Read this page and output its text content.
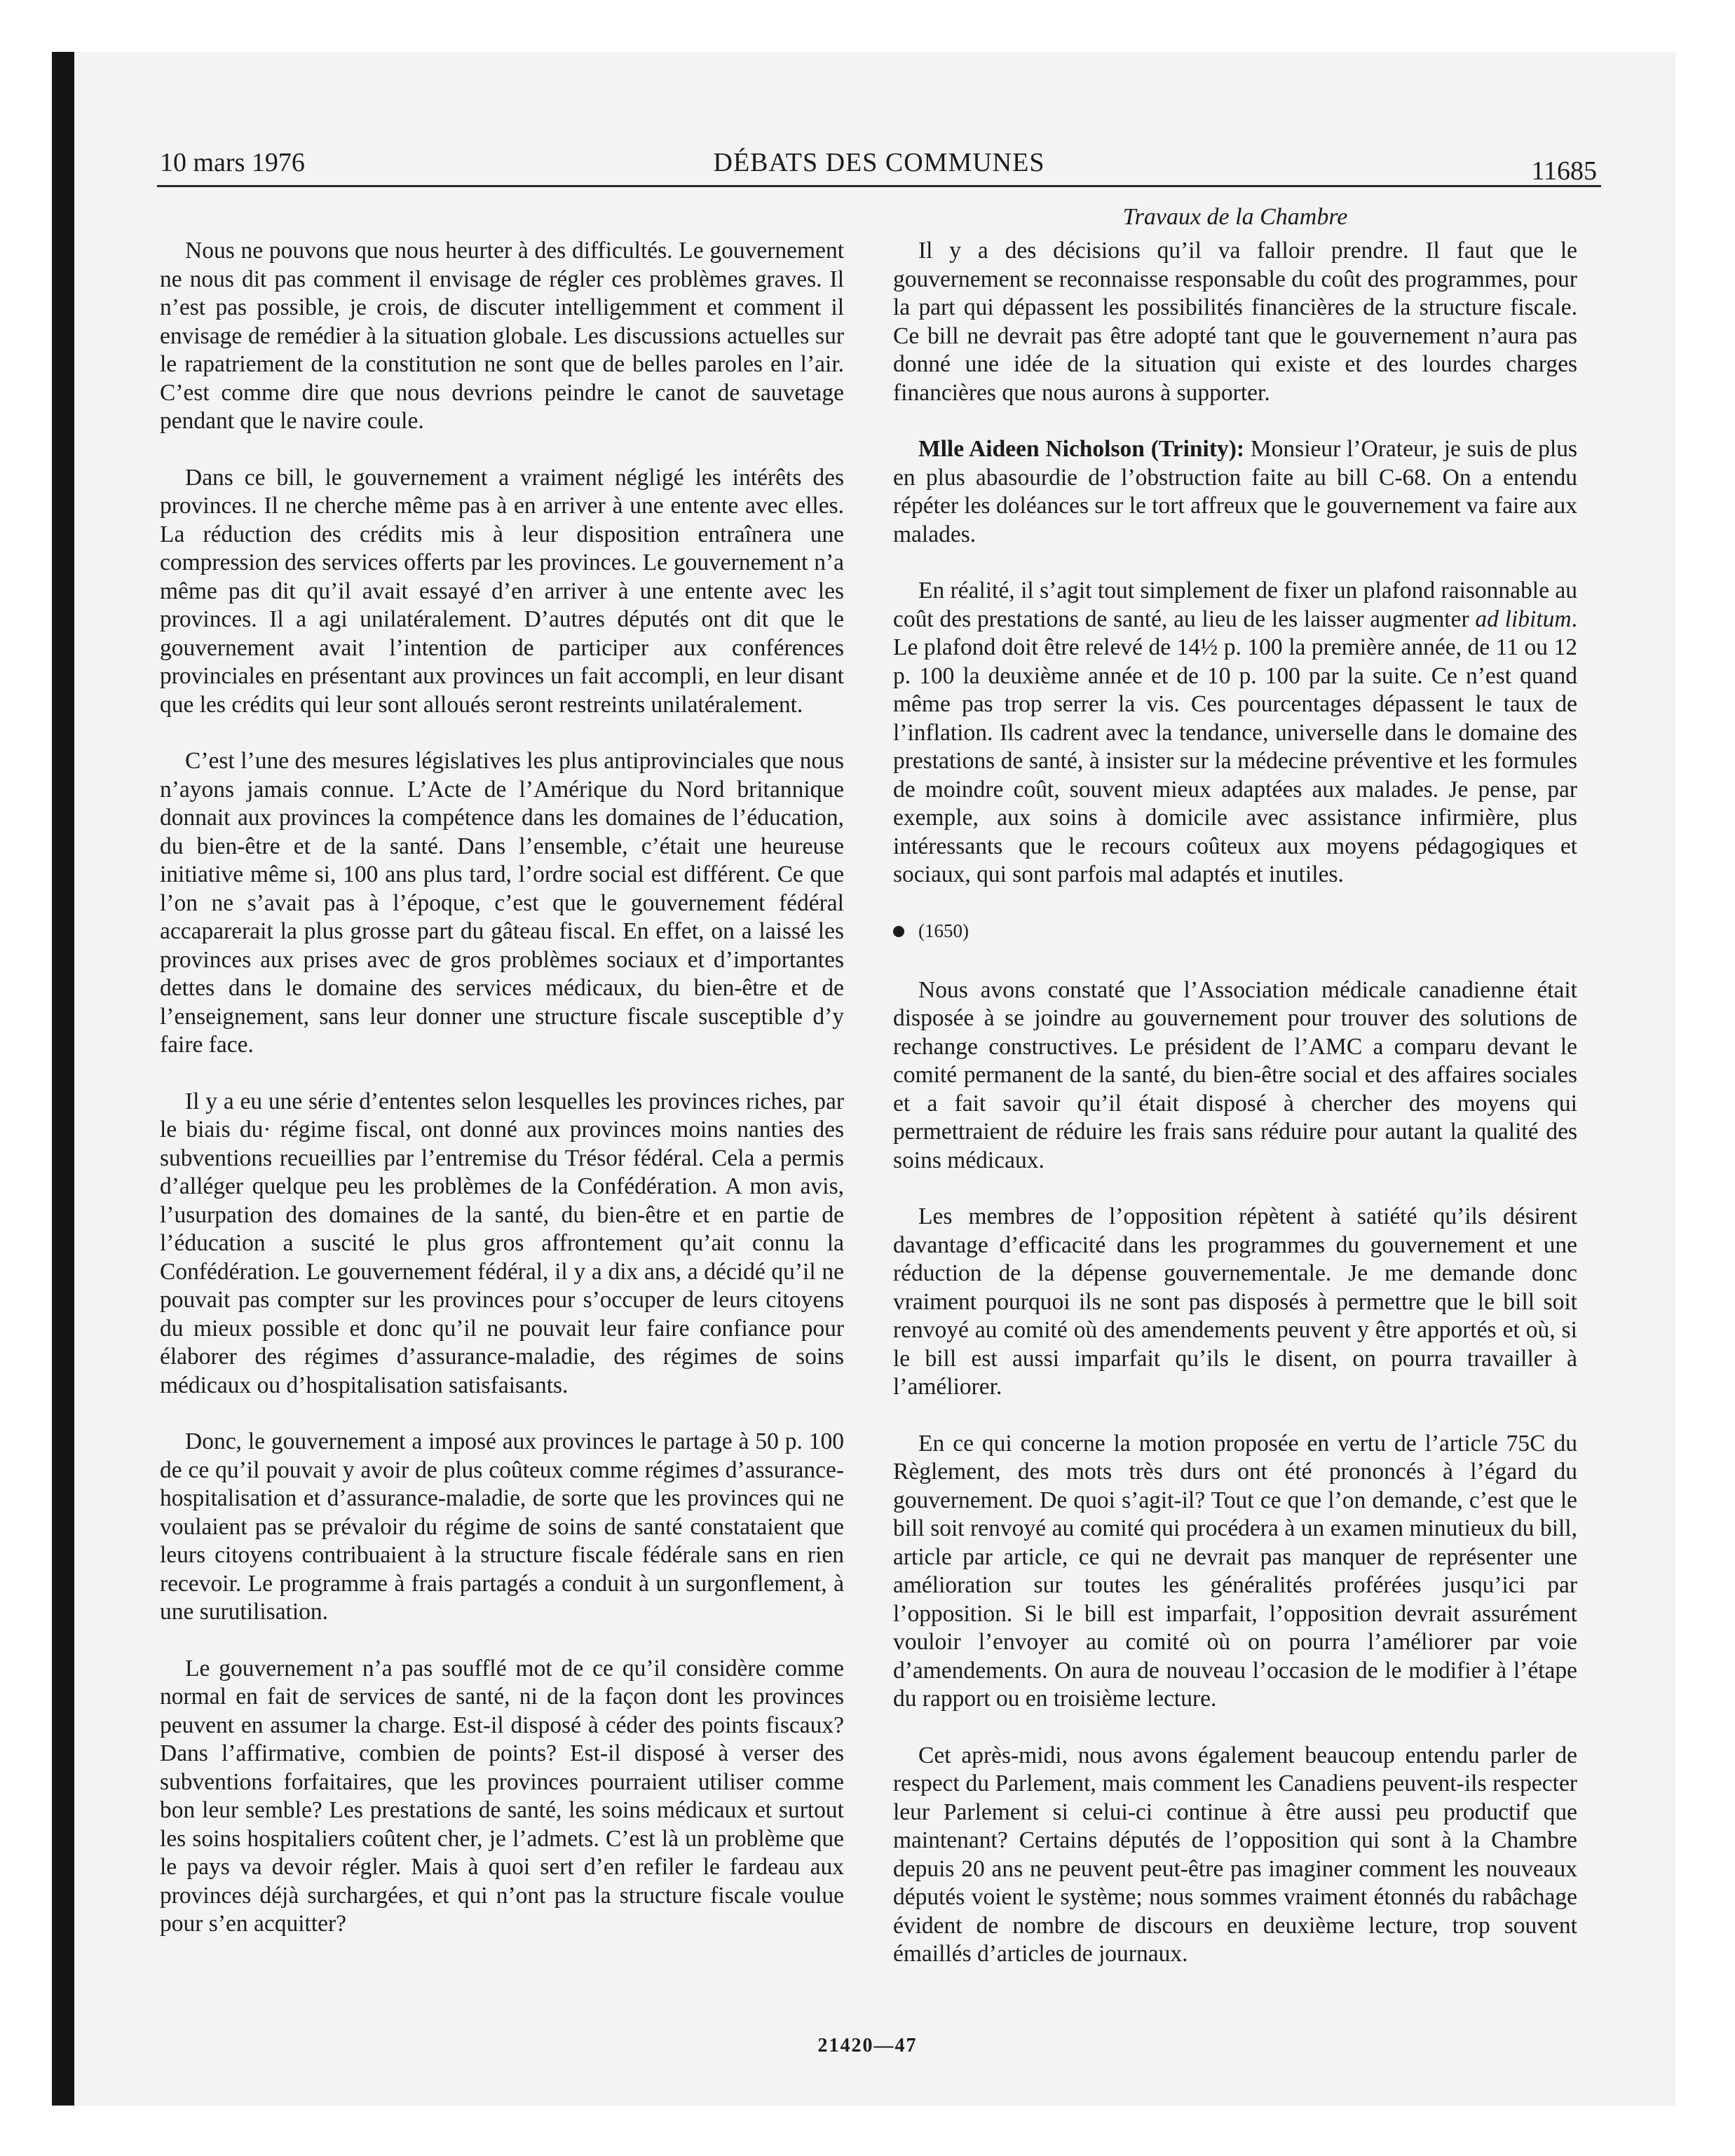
10 mars 1976	DÉBATS DES COMMUNES	11685

Nous ne pouvons que nous heurter à des difficultés. Le gouvernement ne nous dit pas comment il envisage de régler ces problèmes graves. Il n’est pas possible, je crois, de discuter intelligemment et comment il envisage de remédier à la situation globale. Les discussions actuelles sur le rapatriement de la constitution ne sont que de belles paroles en l’air. C’est comme dire que nous devrions peindre le canot de sauvetage pendant que le navire coule.

Dans ce bill, le gouvernement a vraiment négligé les intérêts des provinces. Il ne cherche même pas à en arriver à une entente avec elles. La réduction des crédits mis à leur disposition entraînera une compression des services offerts par les provinces. Le gouvernement n’a même pas dit qu’il avait essayé d’en arriver à une entente avec les provinces. Il a agi unilatéralement. D’autres députés ont dit que le gouvernement avait l’intention de participer aux conférences provinciales en présentant aux provinces un fait accompli, en leur disant que les crédits qui leur sont alloués seront restreints unilatéralement.

C’est l’une des mesures législatives les plus antiprovinciales que nous n’ayons jamais connue. L’Acte de l’Amérique du Nord britannique donnait aux provinces la compétence dans les domaines de l’éducation, du bien-être et de la santé. Dans l’ensemble, c’était une heureuse initiative même si, 100 ans plus tard, l’ordre social est différent. Ce que l’on ne s’avait pas à l’époque, c’est que le gouvernement fédéral accaparerait la plus grosse part du gâteau fiscal. En effet, on a laissé les provinces aux prises avec de gros problèmes sociaux et d’importantes dettes dans le domaine des services médicaux, du bien-être et de l’enseignement, sans leur donner une structure fiscale susceptible d’y faire face.

Il y a eu une série d’ententes selon lesquelles les provinces riches, par le biais du· régime fiscal, ont donné aux provinces moins nanties des subventions recueillies par l’entremise du Trésor fédéral. Cela a permis d’alléger quelque peu les problèmes de la Confédération. A mon avis, l’usurpation des domaines de la santé, du bien-être et en partie de l’éducation a suscité le plus gros affrontement qu’ait connu la Confédération. Le gouvernement fédéral, il y a dix ans, a décidé qu’il ne pouvait pas compter sur les provinces pour s’occuper de leurs citoyens du mieux possible et donc qu’il ne pouvait leur faire confiance pour élaborer des régimes d’assurance-maladie, des régimes de soins médicaux ou d’hospitalisation satisfaisants.

Donc, le gouvernement a imposé aux provinces le partage à 50 p. 100 de ce qu’il pouvait y avoir de plus coûteux comme régimes d’assurance-hospitalisation et d’assurance-maladie, de sorte que les provinces qui ne voulaient pas se prévaloir du régime de soins de santé constataient que leurs citoyens contribuaient à la structure fiscale fédérale sans en rien recevoir. Le programme à frais partagés a conduit à un surgonflement, à une surutilisation.

Le gouvernement n’a pas soufflé mot de ce qu’il considère comme normal en fait de services de santé, ni de la façon dont les provinces peuvent en assumer la charge. Est-il disposé à céder des points fiscaux? Dans l’affirmative, combien de points? Est-il disposé à verser des subventions forfaitaires, que les provinces pourraient utiliser comme bon leur semble? Les prestations de santé, les soins médicaux et surtout les soins hospitaliers coûtent cher, je l’admets. C’est là un problème que le pays va devoir régler. Mais à quoi sert d’en refiler le fardeau aux provinces déjà surchargées, et qui n’ont pas la structure fiscale voulue pour s’en acquitter?

Travaux de la Chambre

Il y a des décisions qu’il va falloir prendre. Il faut que le gouvernement se reconnaisse responsable du coût des programmes, pour la part qui dépassent les possibilités financières de la structure fiscale. Ce bill ne devrait pas être adopté tant que le gouvernement n’aura pas donné une idée de la situation qui existe et des lourdes charges financières que nous aurons à supporter.

Mlle Aideen Nicholson (Trinity): Monsieur l’Orateur, je suis de plus en plus abasourdie de l’obstruction faite au bill C-68. On a entendu répéter les doléances sur le tort affreux que le gouvernement va faire aux malades.

En réalité, il s’agit tout simplement de fixer un plafond raisonnable au coût des prestations de santé, au lieu de les laisser augmenter ad libitum. Le plafond doit être relevé de 14½ p. 100 la première année, de 11 ou 12 p. 100 la deuxième année et de 10 p. 100 par la suite. Ce n’est quand même pas trop serrer la vis. Ces pourcentages dépassent le taux de l’inflation. Ils cadrent avec la tendance, universelle dans le domaine des prestations de santé, à insister sur la médecine préventive et les formules de moindre coût, souvent mieux adaptées aux malades. Je pense, par exemple, aux soins à domicile avec assistance infirmière, plus intéressants que le recours coûteux aux moyens pédagogiques et sociaux, qui sont parfois mal adaptés et inutiles.

(1650)

Nous avons constaté que l’Association médicale canadienne était disposée à se joindre au gouvernement pour trouver des solutions de rechange constructives. Le président de l’AMC a comparu devant le comité permanent de la santé, du bien-être social et des affaires sociales et a fait savoir qu’il était disposé à chercher des moyens qui permettraient de réduire les frais sans réduire pour autant la qualité des soins médicaux.

Les membres de l’opposition répètent à satiété qu’ils désirent davantage d’efficacité dans les programmes du gouvernement et une réduction de la dépense gouvernementale. Je me demande donc vraiment pourquoi ils ne sont pas disposés à permettre que le bill soit renvoyé au comité où des amendements peuvent y être apportés et où, si le bill est aussi imparfait qu’ils le disent, on pourra travailler à l’améliorer.

En ce qui concerne la motion proposée en vertu de l’article 75C du Règlement, des mots très durs ont été prononcés à l’égard du gouvernement. De quoi s’agit-il? Tout ce que l’on demande, c’est que le bill soit renvoyé au comité qui procédera à un examen minutieux du bill, article par article, ce qui ne devrait pas manquer de représenter une amélioration sur toutes les généralités proférées jusqu’ici par l’opposition. Si le bill est imparfait, l’opposition devrait assurément vouloir l’envoyer au comité où on pourra l’améliorer par voie d’amendements. On aura de nouveau l’occasion de le modifier à l’étape du rapport ou en troisième lecture.

Cet après-midi, nous avons également beaucoup entendu parler de respect du Parlement, mais comment les Canadiens peuvent-ils respecter leur Parlement si celui-ci continue à être aussi peu productif que maintenant? Certains députés de l’opposition qui sont à la Chambre depuis 20 ans ne peuvent peut-être pas imaginer comment les nouveaux députés voient le système; nous sommes vraiment étonnés du rabâchage évident de nombre de discours en deuxième lecture, trop souvent émaillés d’articles de journaux.

21420—47
